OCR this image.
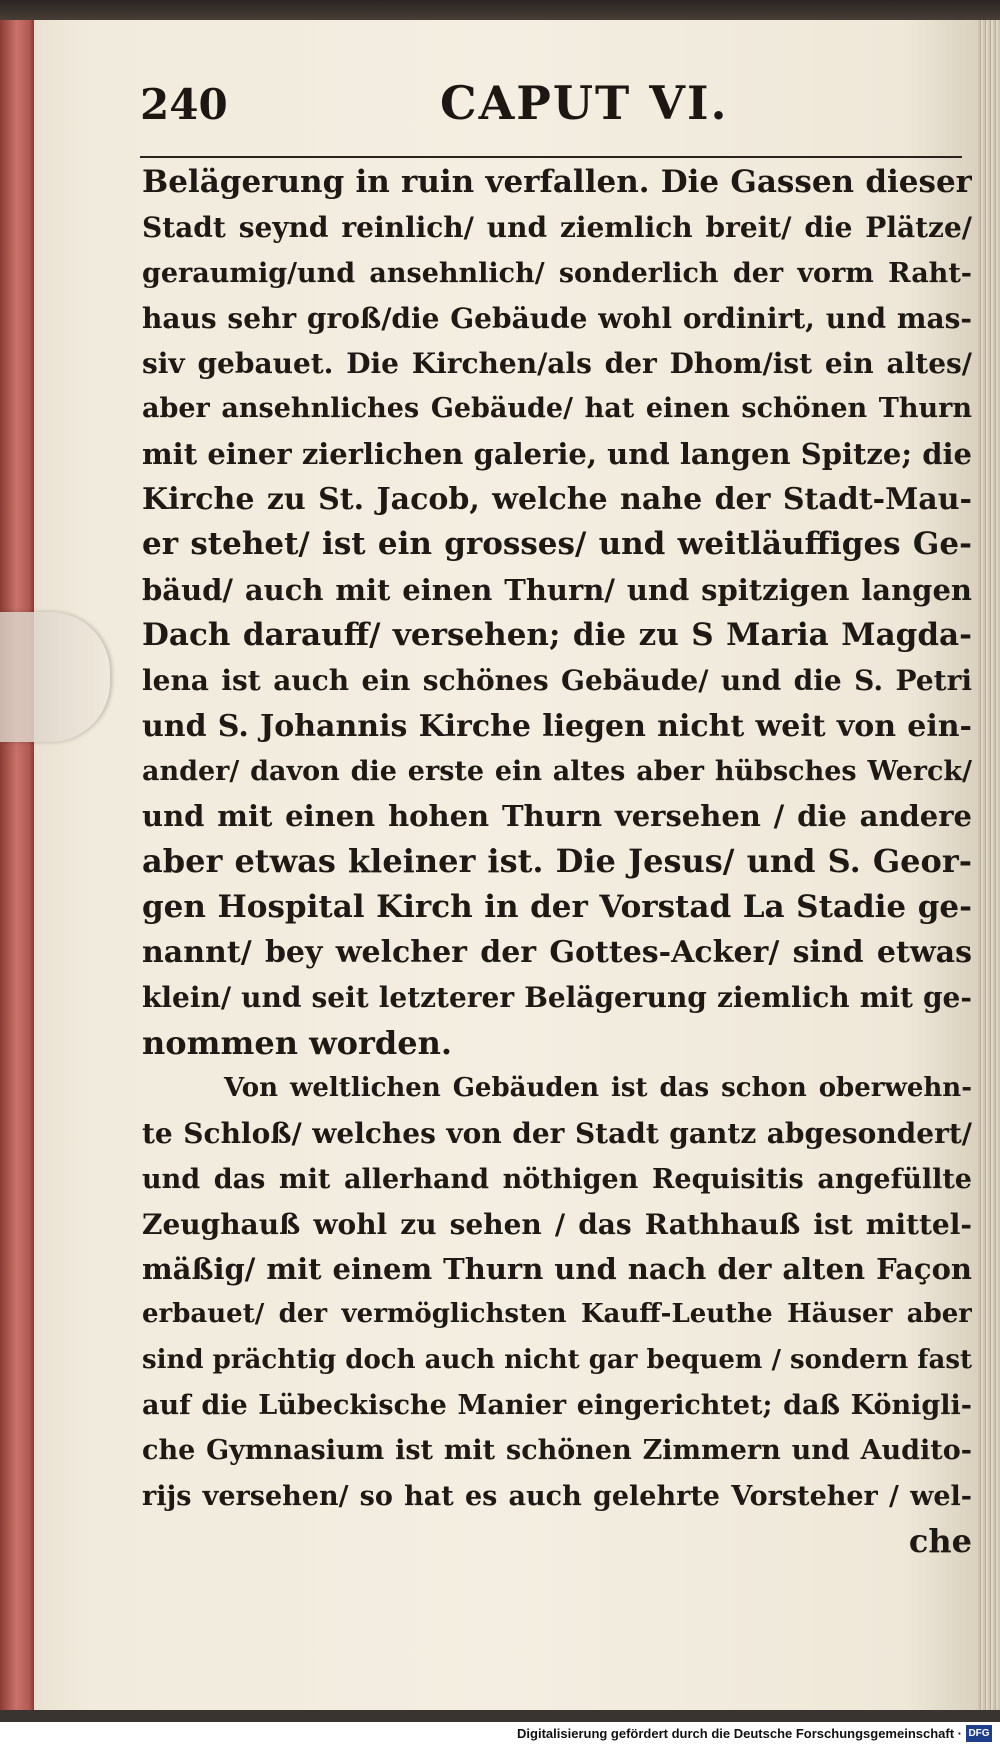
240	CAPUT VI.
Belägerung in ruin verfallen. Die Gassen dieser
Stadt seynd reinlich/ und ziemlich breit/ die Plätze/
geraumig/und ansehnlich/ sonderlich der vorm Raht-
haus sehr groß/die Gebäude wohl ordinirt, und mas-
siv gebauet. Die Kirchen/als der Dhom/ist ein altes/
aber ansehnliches Gebäude/ hat einen schönen Thurn
mit einer zierlichen galerie, und langen Spitze; die
Kirche zu St. Jacob, welche nahe der Stadt-Mau-
er stehet/ ist ein grosses/ und weitläuffiges Ge-
bäud/ auch mit einen Thurn/ und spitzigen langen
Dach darauff/ versehen; die zu S Maria Magda-
lena ist auch ein schönes Gebäude/ und die S. Petri
und S. Johannis Kirche liegen nicht weit von ein-
ander/ davon die erste ein altes aber hübsches Werck/
und mit einen hohen Thurn versehen / die andere
aber etwas kleiner ist. Die Jesus/ und S. Geor-
gen Hospital Kirch in der Vorstad La Stadie ge-
nannt/ bey welcher der Gottes-Acker/ sind etwas
klein/ und seit letzterer Belägerung ziemlich mit ge-
nommen worden.
Von weltlichen Gebäuden ist das schon oberwehn-
te Schloß/ welches von der Stadt gantz abgesondert/
und das mit allerhand nöthigen Requisitis angefüllte
Zeughauß wohl zu sehen / das Rathhauß ist mittel-
mäßig/ mit einem Thurn und nach der alten Façon
erbauet/ der vermöglichsten Kauff-Leuthe Häuser aber
sind prächtig doch auch nicht gar bequem / sondern fast
auf die Lübeckische Manier eingerichtet; daß Königli-
che Gymnasium ist mit schönen Zimmern und Audito-
rijs versehen/ so hat es auch gelehrte Vorsteher / wel-
che
Digitalisierung gefördert durch die Deutsche Forschungsgemeinschaft · DFG
